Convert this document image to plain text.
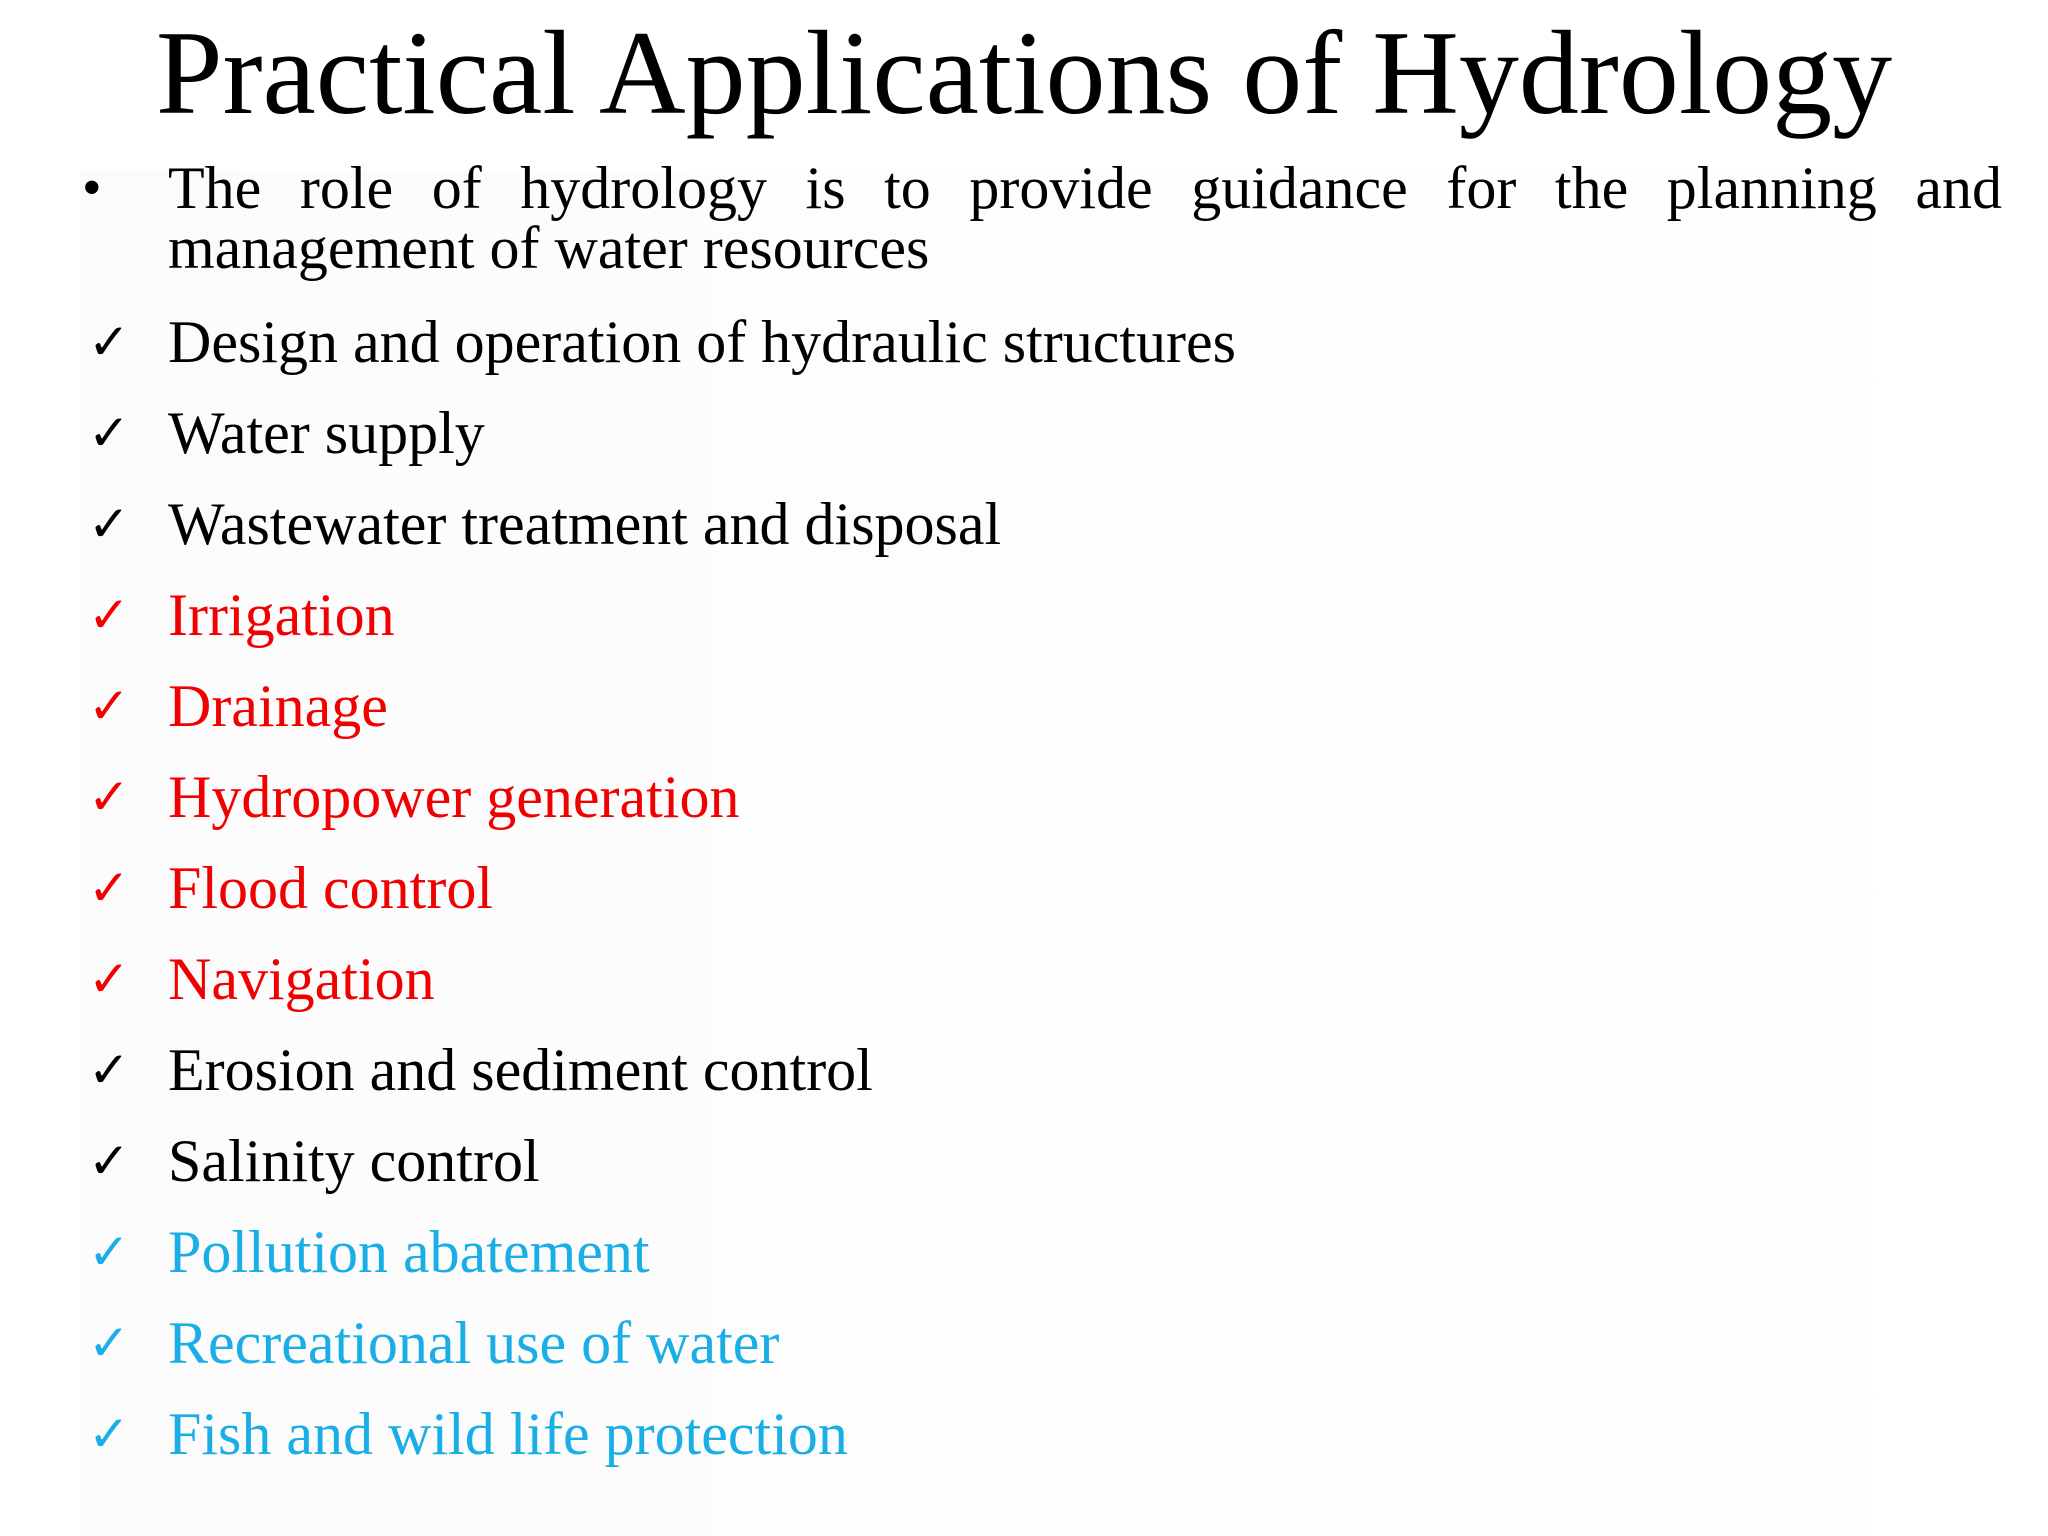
Practical Applications of Hydrology
•	The role of hydrology is to provide guidance for the planning and management of water resources
✓ Design and operation of hydraulic structures
✓ Water supply
✓ Wastewater treatment and disposal
✓ Irrigation
✓ Drainage
✓ Hydropower generation
✓ Flood control
✓ Navigation
✓ Erosion and sediment control
✓ Salinity control
✓ Pollution abatement
✓ Recreational use of water
✓ Fish and wild life protection
